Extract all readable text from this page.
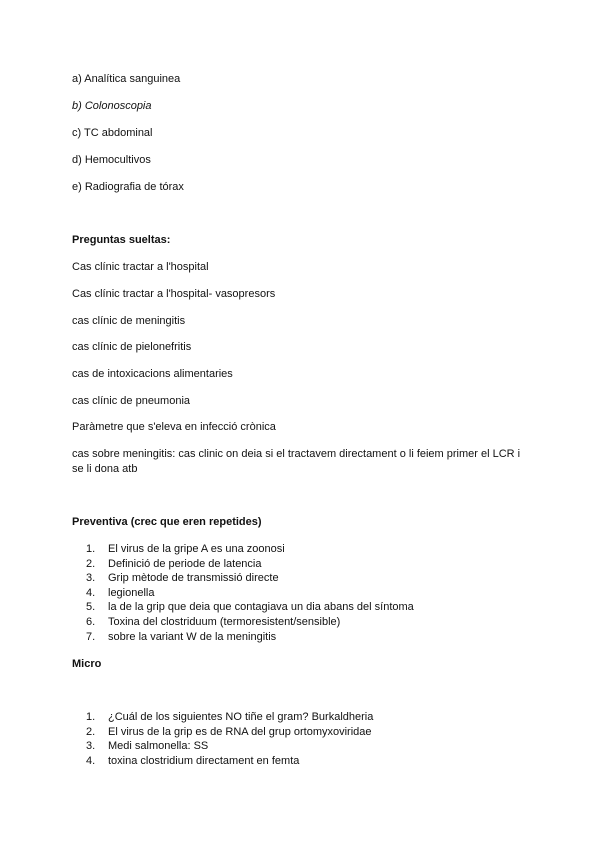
a) Analítica sanguinea
b) Colonoscopia
c) TC abdominal
d) Hemocultivos
e) Radiografia de tórax
Preguntas sueltas:
Cas clínic tractar a l'hospital
Cas clínic tractar a l'hospital- vasopresors
cas clínic de meningitis
cas clínic de pielonefritis
cas de intoxicacions alimentaries
cas clínic de pneumonia
Paràmetre que s'eleva en infecció crònica
cas sobre meningitis: cas clinic on deia si el tractavem directament o li feiem primer el LCR i se li dona atb
Preventiva (crec que eren repetides)
1. El virus de la gripe A es una zoonosi
2. Definició de periode de latencia
3. Grip mètode de transmissió directe
4. legionella
5. la de la grip que deia que contagiava un dia abans del síntoma
6. Toxina del clostriduum (termoresistent/sensible)
7. sobre la variant W de la meningitis
Micro
1. ¿Cuál de los siguientes NO tiñe el gram? Burkaldheria
2. El virus de la grip es de RNA del grup ortomyxoviridae
3. Medi salmonella: SS
4. toxina clostridium directament en femta
